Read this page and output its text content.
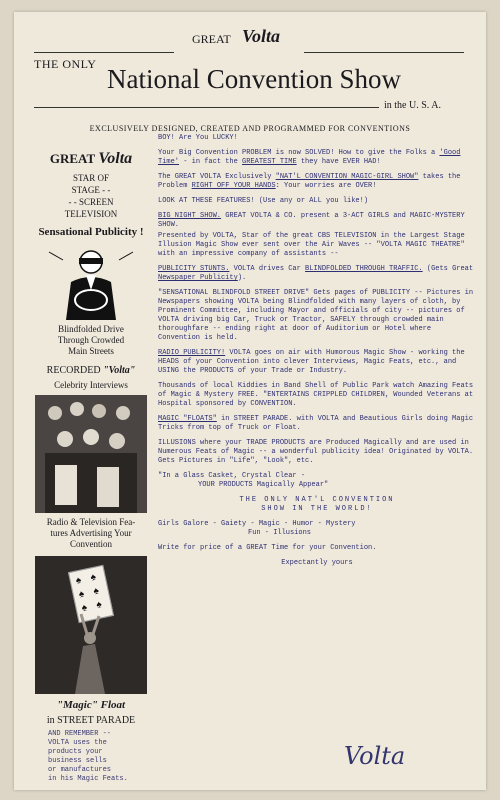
THE ONLY
GREAT Volta
National Convention Show
in the U. S. A.
EXCLUSIVELY DESIGNED, CREATED AND PROGRAMMED FOR CONVENTIONS
GREAT Volta
STAR OF
STAGE - -
- - SCREEN
TELEVISION
Sensational Publicity !
Blindfolded Drive
Through Crowded
Main Streets
RECORDED "Volta"
Celebrity Interviews
Radio & Television Fea-
tures Advertising Your
Convention
♠ ♠
♠ ♠
♠ ♠
"Magic" Float
in STREET PARADE
AND REMEMBER --
VOLTA uses the
products your
business sells
or manufactures
in his Magic Feats.

BOY! Are You LUCKY!

Your Big Convention PROBLEM is now SOLVED! How to give the Folks a 'Good Time' - in fact the GREATEST TIME they have EVER HAD!

The GREAT VOLTA Exclusively "NAT'L CONVENTION MAGIC-GIRL SHOW" takes the Problem RIGHT OFF YOUR HANDS: Your worries are OVER!

LOOK AT THESE FEATURES! (Use any or ALL you like!)

BIG NIGHT SHOW. GREAT VOLTA & CO. present a 3-ACT GIRLS and MAGIC-MYSTERY SHOW.

Presented by VOLTA, Star of the great CBS TELEVISION in the Largest Stage Illusion Magic Show ever sent over the Air Waves -- "VOLTA MAGIC THEATRE" with an impressive company of assistants --

PUBLICITY STUNTS. VOLTA drives Car BLINDFOLDED THROUGH TRAFFIC. (Gets Great Newspaper Publicity).

"SENSATIONAL BLINDFOLD STREET DRIVE" Gets pages of PUBLICITY -- Pictures in Newspapers showing VOLTA being Blindfolded with many layers of cloth, by Prominent Committee, including Mayor and officials of city -- pictures of VOLTA driving big Car, Truck or Tractor, SAFELY through crowded main thoroughfare -- ending right at door of Auditorium or Hotel where Convention is held.

RADIO PUBLICITY! VOLTA goes on air with Humorous Magic Show - working the HEADS of your Convention into clever Interviews, Magic Feats, etc., and USING the PRODUCTS of your Trade or Industry.

Thousands of local Kiddies in Band Shell of Public Park watch Amazing Feats of Magic & Mystery FREE. "ENTERTAINS CRIPPLED CHILDREN, Wounded Veterans at Hospital sponsored by CONVENTION.

MAGIC "FLOATS" in STREET PARADE. with VOLTA and Beautious Girls doing Magic Tricks from top of Truck or Float.

ILLUSIONS where your TRADE PRODUCTS are Produced Magically and are used in Numerous Feats of Magic -- a wonderful publicity idea! Originated by VOLTA. Gets Pictures in "Life", "Look", etc.

"In a Glass Casket, Crystal Clear -
YOUR PRODUCTS Magically Appear"

THE ONLY NAT'L CONVENTION
SHOW IN THE WORLD!

Girls Galore - Gaiety - Magic - Humor - Mystery
Fun - Illusions

Write for price of a GREAT Time for your Convention.

Expectantly yours

Volta
